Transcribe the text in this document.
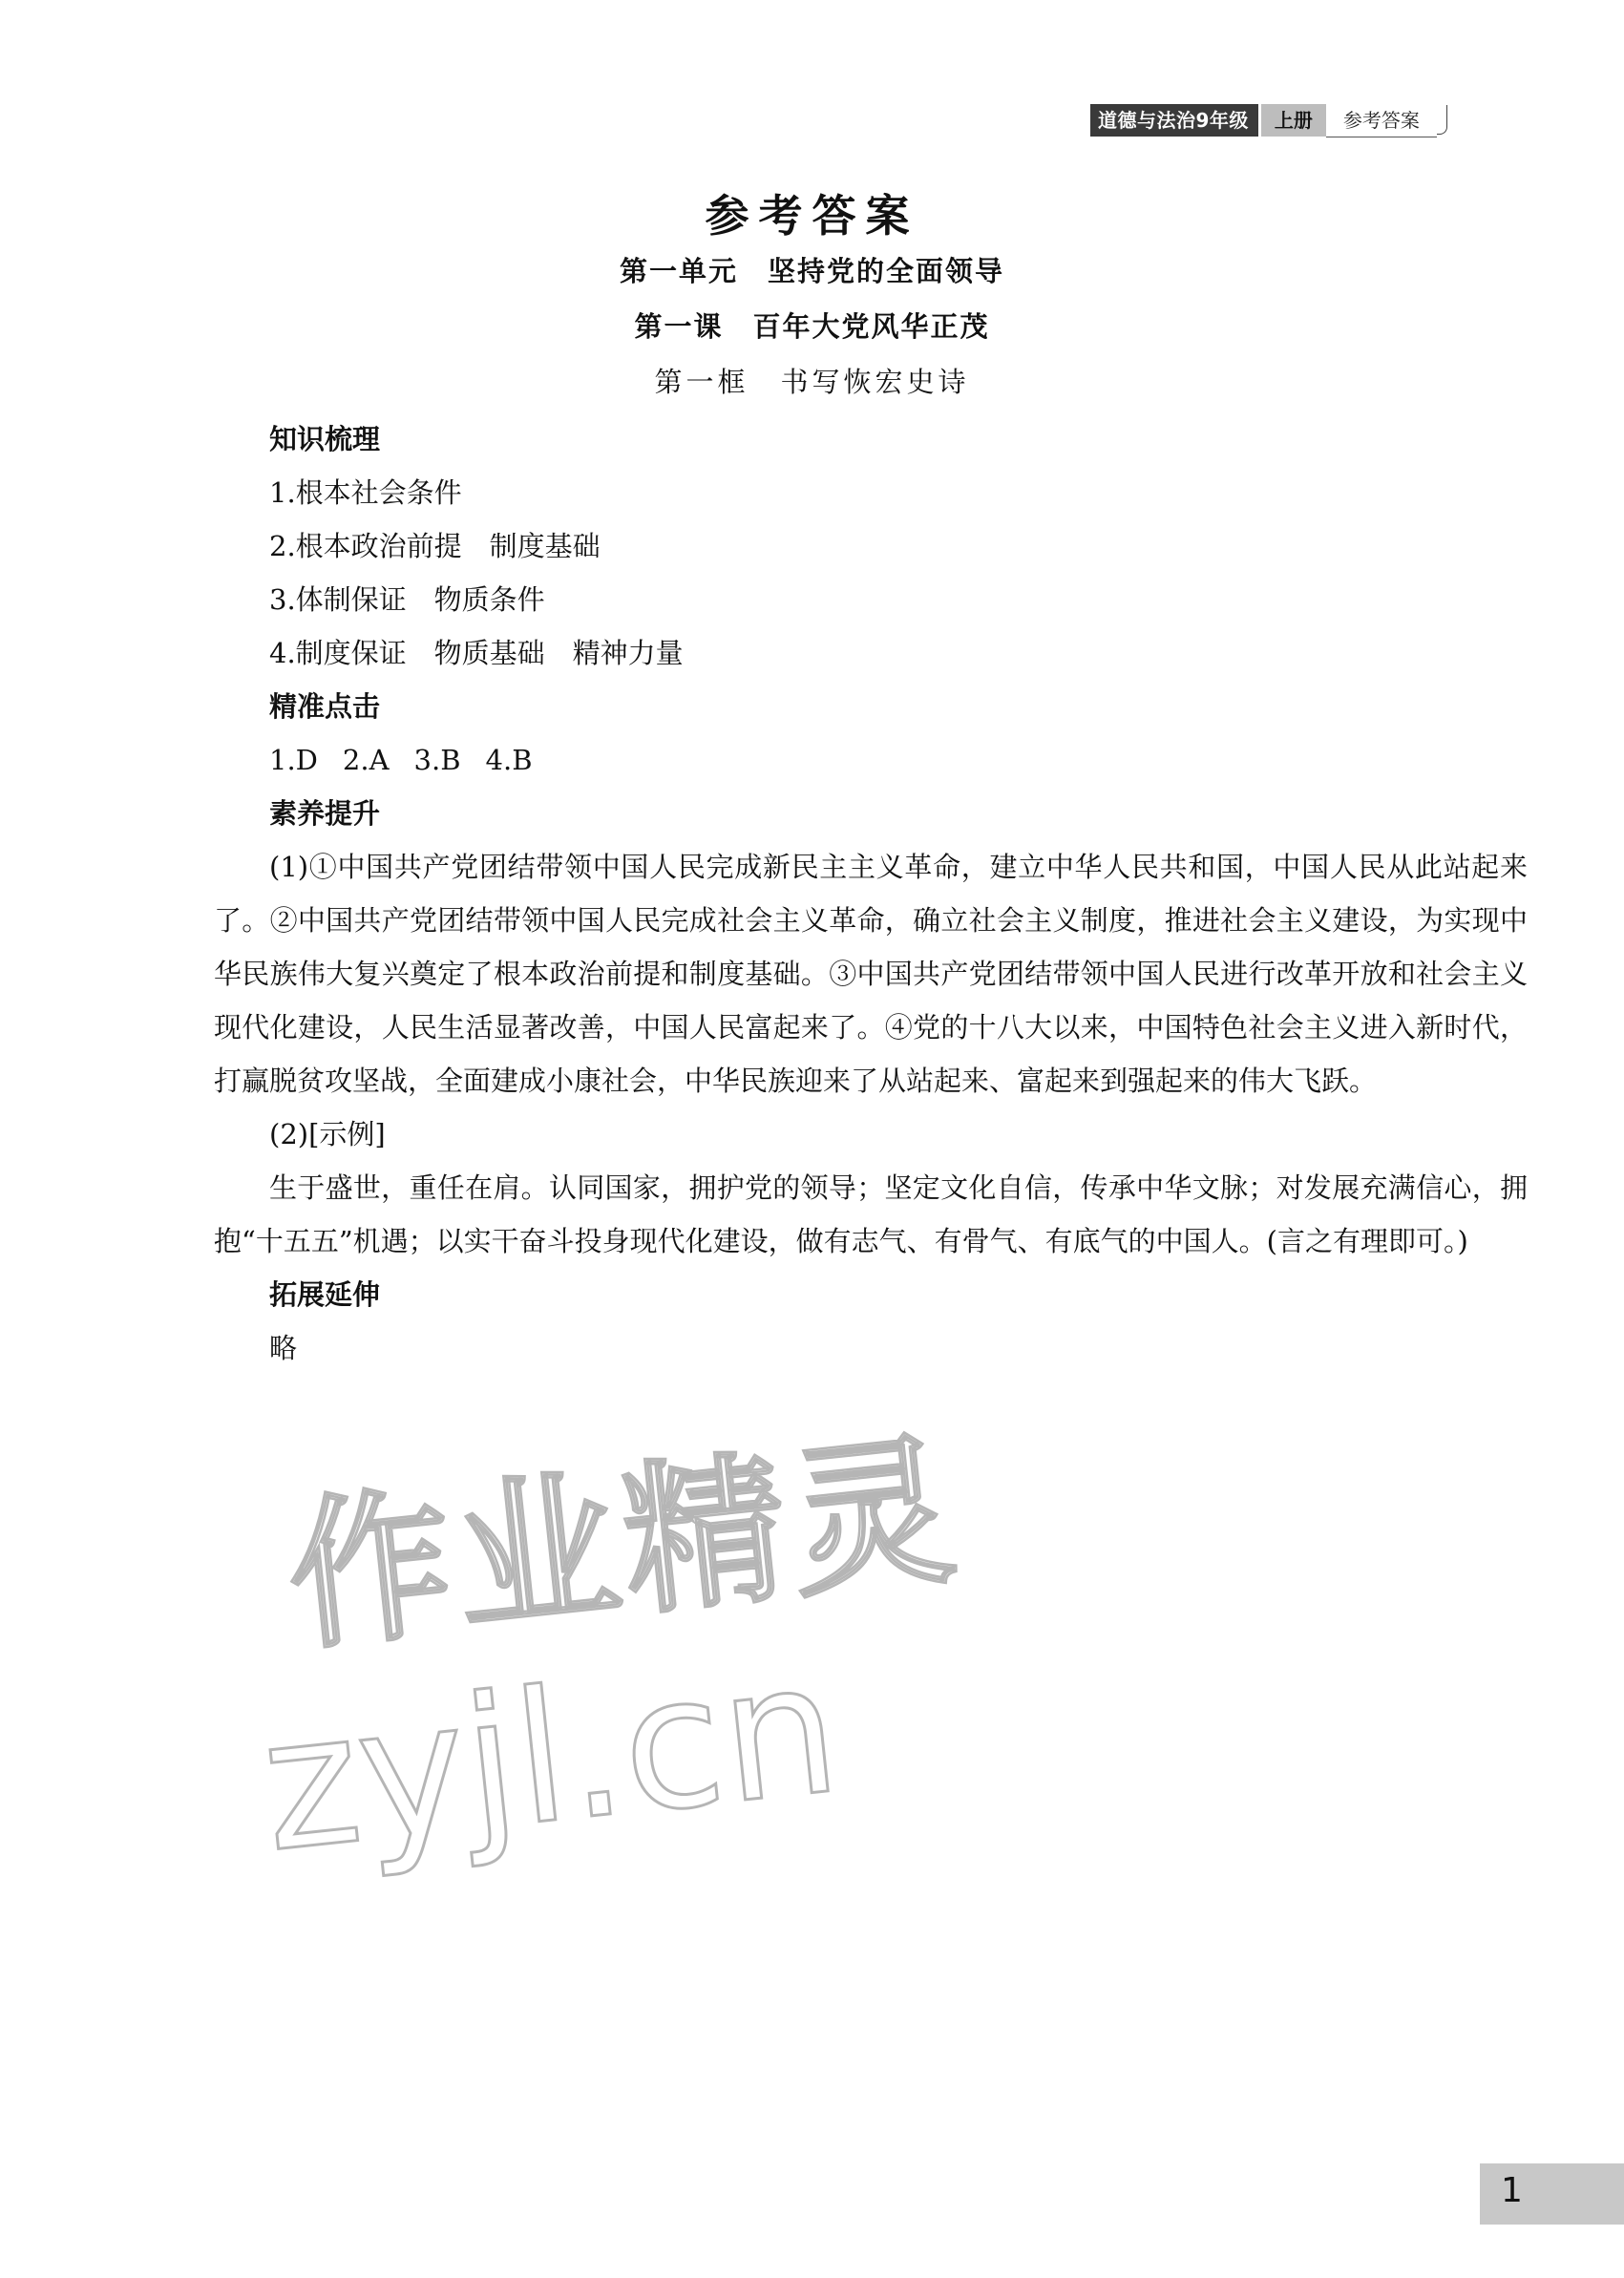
道德与法治9年级	上册	参考答案
参考答案
第一单元　坚持党的全面领导
第一课　百年大党风华正茂
第一框　书写恢宏史诗
知识梳理
1.根本社会条件
2.根本政治前提　制度基础
3.体制保证　物质条件
4.制度保证　物质基础　精神力量
精准点击
1.D 2.A 3.B 4.B
素养提升

(1)①中国共产党团结带领中国人民完成新民主主义革命，建立中华人民共和国，中国人民从此站起来了。②中国共产党团结带领中国人民完成社会主义革命，确立社会主义制度，推进社会主义建设，为实现中华民族伟大复兴奠定了根本政治前提和制度基础。③中国共产党团结带领中国人民进行改革开放和社会主义现代化建设，人民生活显著改善，中国人民富起来了。④党的十八大以来，中国特色社会主义进入新时代，打赢脱贫攻坚战，全面建成小康社会，中华民族迎来了从站起来、富起来到强起来的伟大飞跃。

(2)[示例]

生于盛世，重任在肩。认同国家，拥护党的领导；坚定文化自信，传承中华文脉；对发展充满信心，拥抱“十五五”机遇；以实干奋斗投身现代化建设，做有志气、有骨气、有底气的中国人。(言之有理即可。)

拓展延伸
略
作业精灵
zyjl.cn
1
